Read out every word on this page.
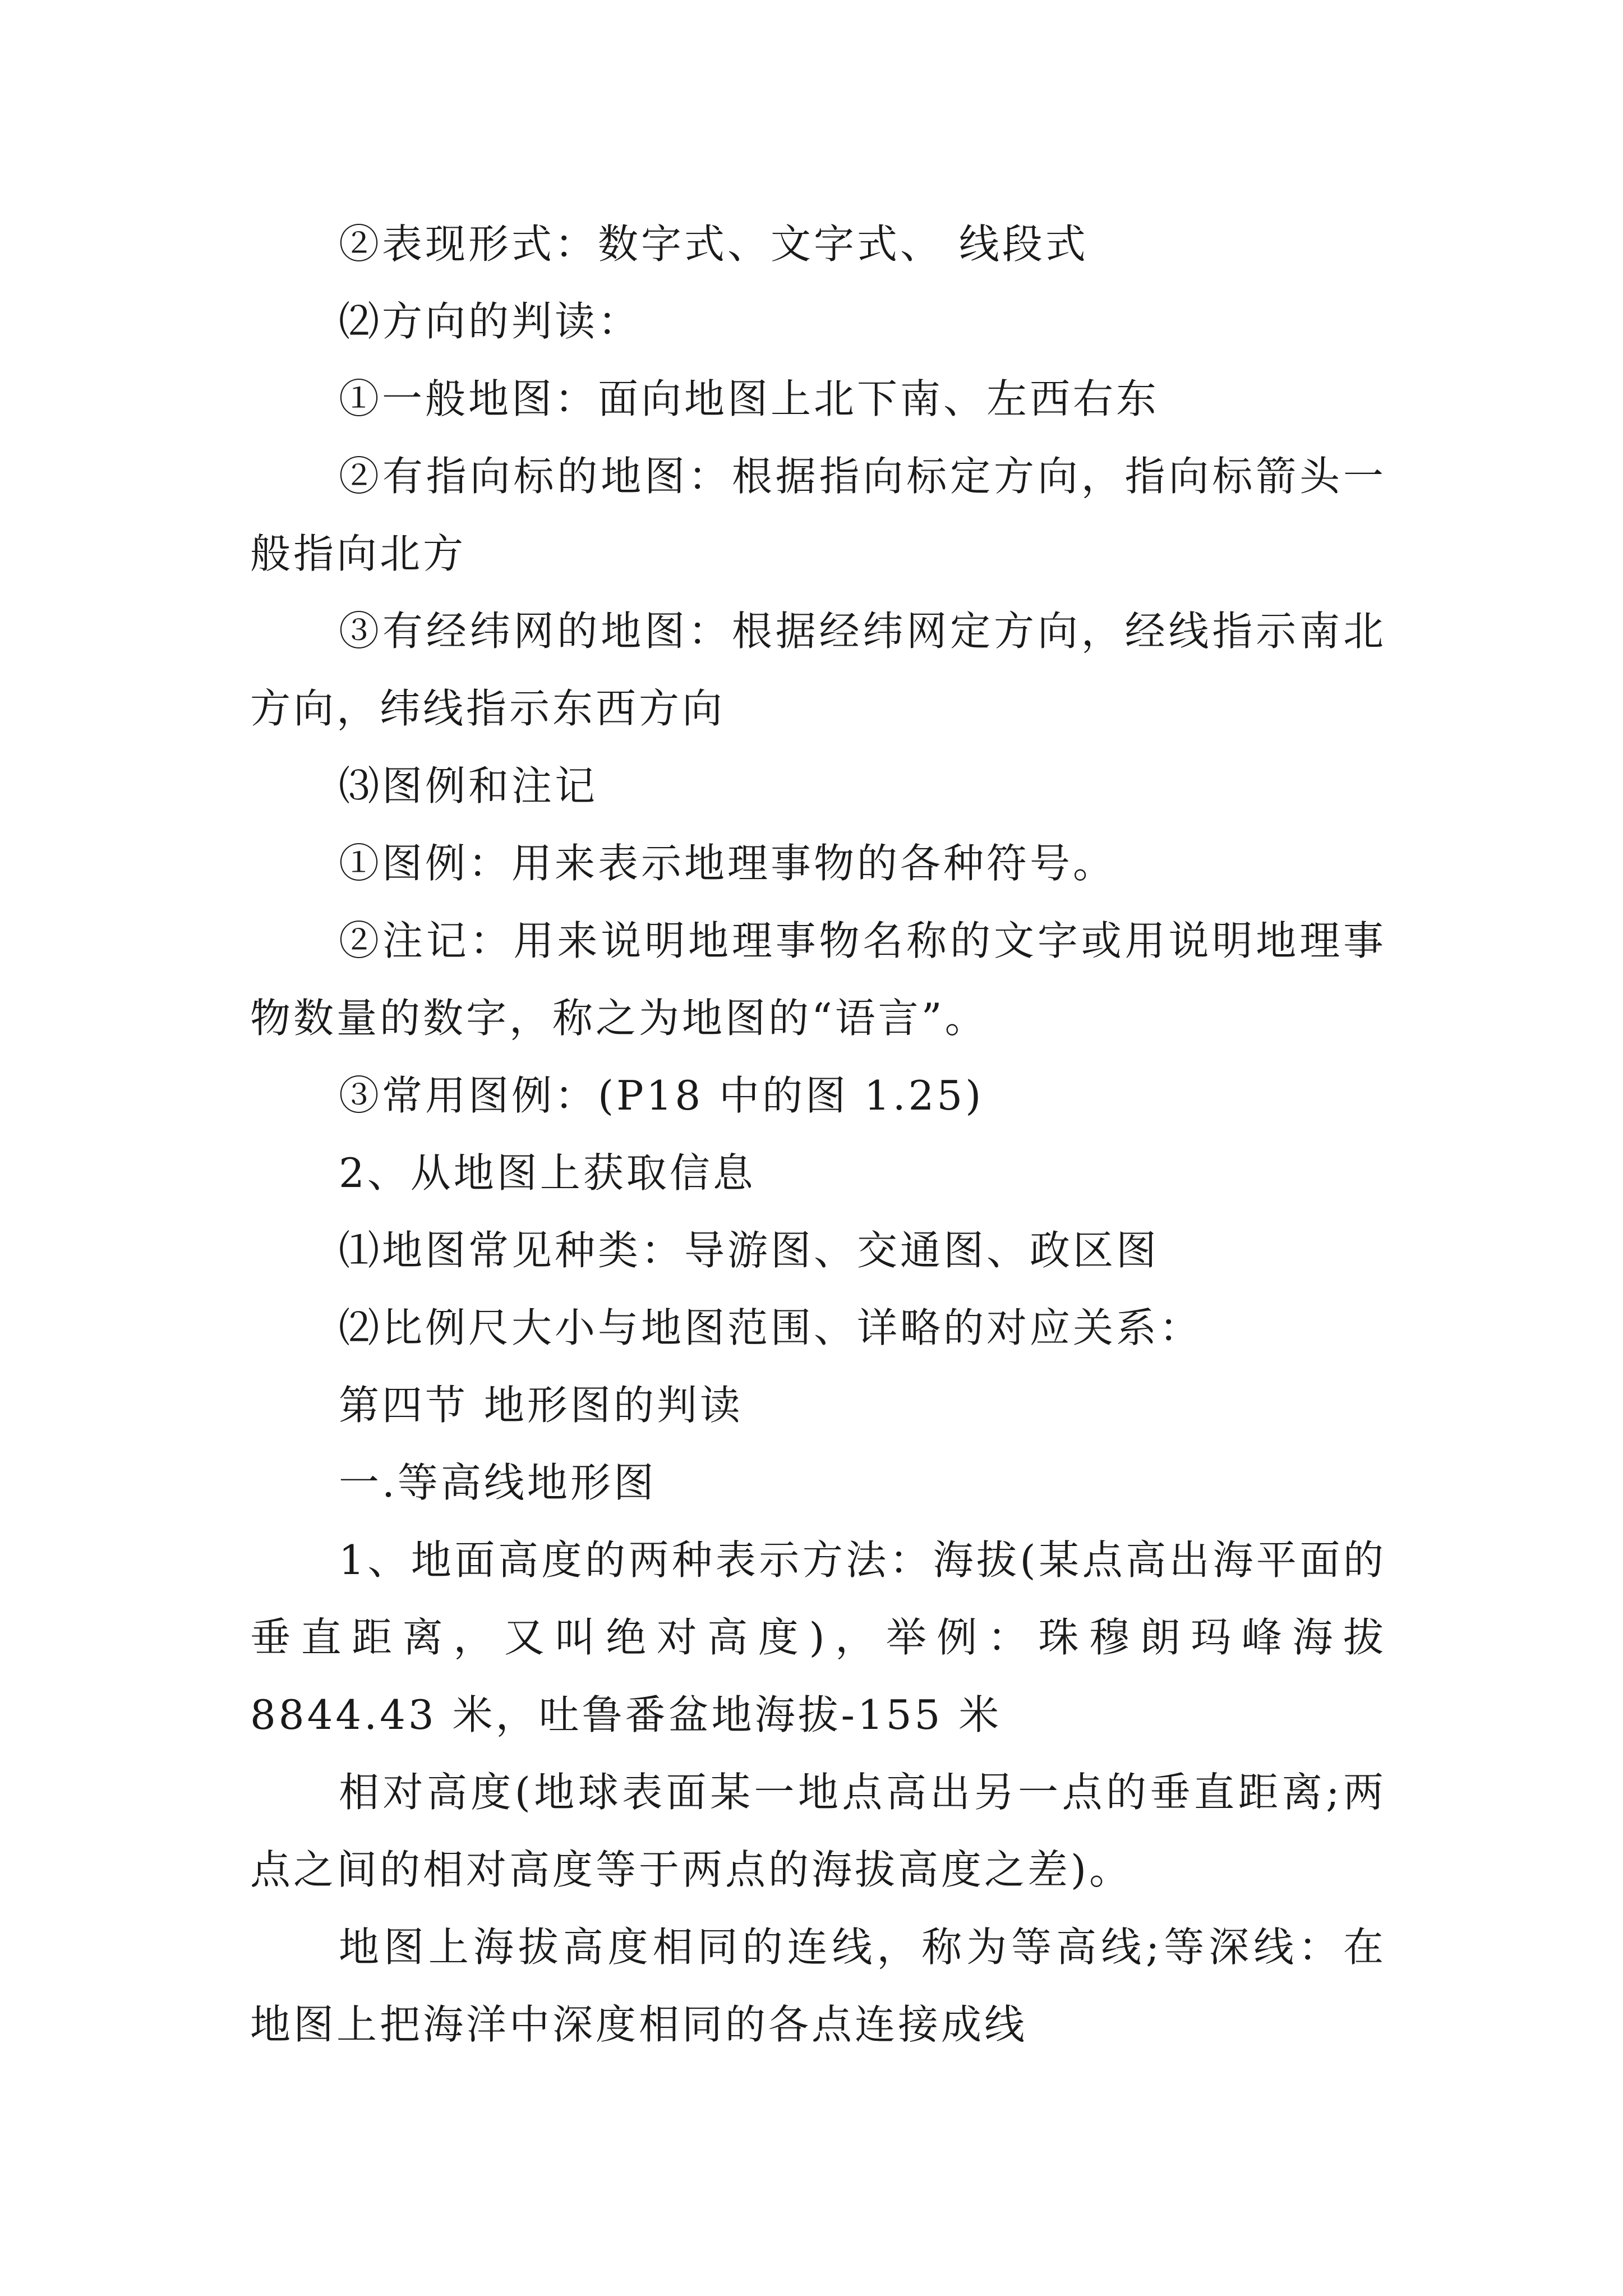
②表现形式：数字式、文字式、 线段式

⑵方向的判读：

①一般地图：面向地图上北下南、左西右东

②有指向标的地图：根据指向标定方向，指向标箭头一般指向北方

③有经纬网的地图：根据经纬网定方向，经线指示南北方向，纬线指示东西方向

⑶图例和注记

①图例：用来表示地理事物的各种符号。

②注记：用来说明地理事物名称的文字或用说明地理事物数量的数字，称之为地图的“语言”。

③常用图例：(P18 中的图 1.25)

2、从地图上获取信息

⑴地图常见种类：导游图、交通图、政区图

⑵比例尺大小与地图范围、详略的对应关系：

第四节 地形图的判读

一.等高线地形图

1、地面高度的两种表示方法：海拔(某点高出海平面的垂直距离，又叫绝对高度)，举例：珠穆朗玛峰海拔 8844.43 米，吐鲁番盆地海拔-155 米

相对高度(地球表面某一地点高出另一点的垂直距离;两点之间的相对高度等于两点的海拔高度之差)。

地图上海拔高度相同的连线，称为等高线;等深线：在地图上把海洋中深度相同的各点连接成线
